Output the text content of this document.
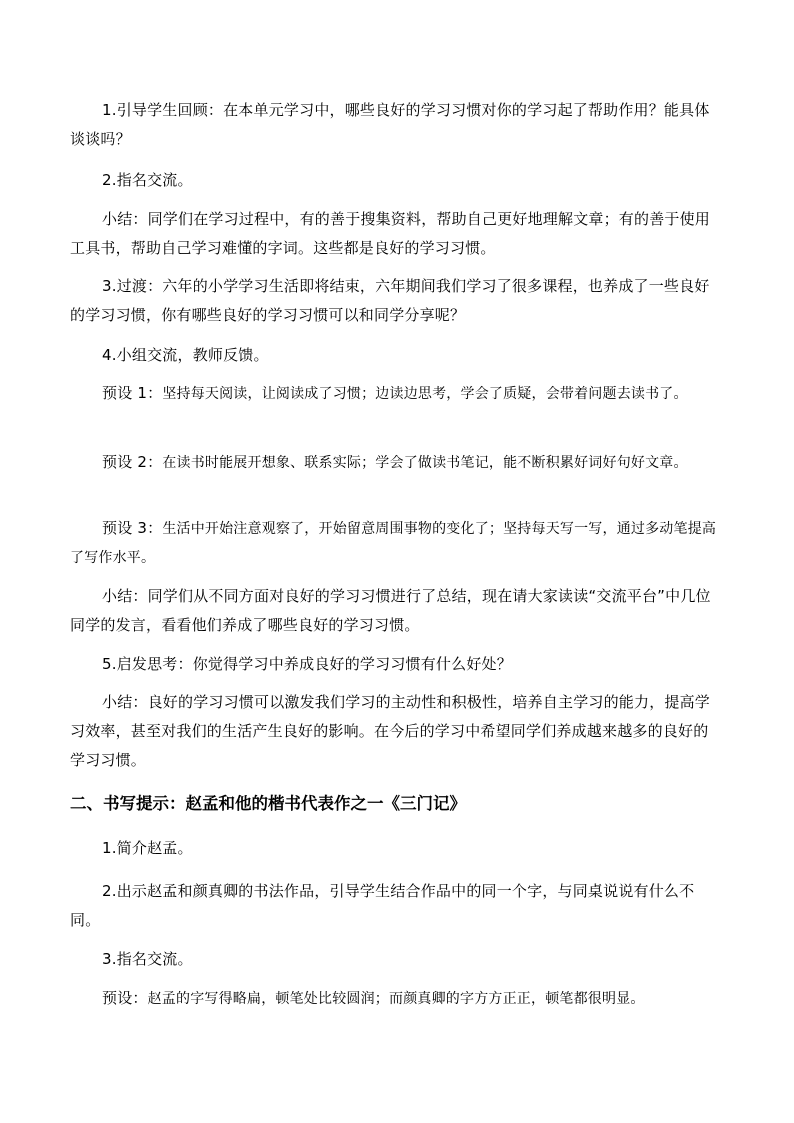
1.引导学生回顾：在本单元学习中，哪些良好的学习习惯对你的学习起了帮助作用？能具体谈谈吗？

2.指名交流。

小结：同学们在学习过程中，有的善于搜集资料，帮助自己更好地理解文章；有的善于使用工具书，帮助自己学习难懂的字词。这些都是良好的学习习惯。

3.过渡：六年的小学学习生活即将结束，六年期间我们学习了很多课程，也养成了一些良好的学习习惯，你有哪些良好的学习习惯可以和同学分享呢？

4.小组交流，教师反馈。

预设 1：坚持每天阅读，让阅读成了习惯；边读边思考，学会了质疑，会带着问题去读书了。

预设 2：在读书时能展开想象、联系实际；学会了做读书笔记，能不断积累好词好句好文章。

预设 3：生活中开始注意观察了，开始留意周围事物的变化了；坚持每天写一写，通过多动笔提高了写作水平。

小结：同学们从不同方面对良好的学习习惯进行了总结，现在请大家读读“交流平台”中几位同学的发言，看看他们养成了哪些良好的学习习惯。

5.启发思考：你觉得学习中养成良好的学习习惯有什么好处？

小结：良好的学习习惯可以激发我们学习的主动性和积极性，培养自主学习的能力，提高学习效率，甚至对我们的生活产生良好的影响。在今后的学习中希望同学们养成越来越多的良好的学习习惯。

二、书写提示：赵孟和他的楷书代表作之一《三门记》

1.简介赵孟。

2.出示赵孟和颜真卿的书法作品，引导学生结合作品中的同一个字，与同桌说说有什么不同。

3.指名交流。

预设：赵孟的字写得略扁，顿笔处比较圆润；而颜真卿的字方方正正，顿笔都很明显。
